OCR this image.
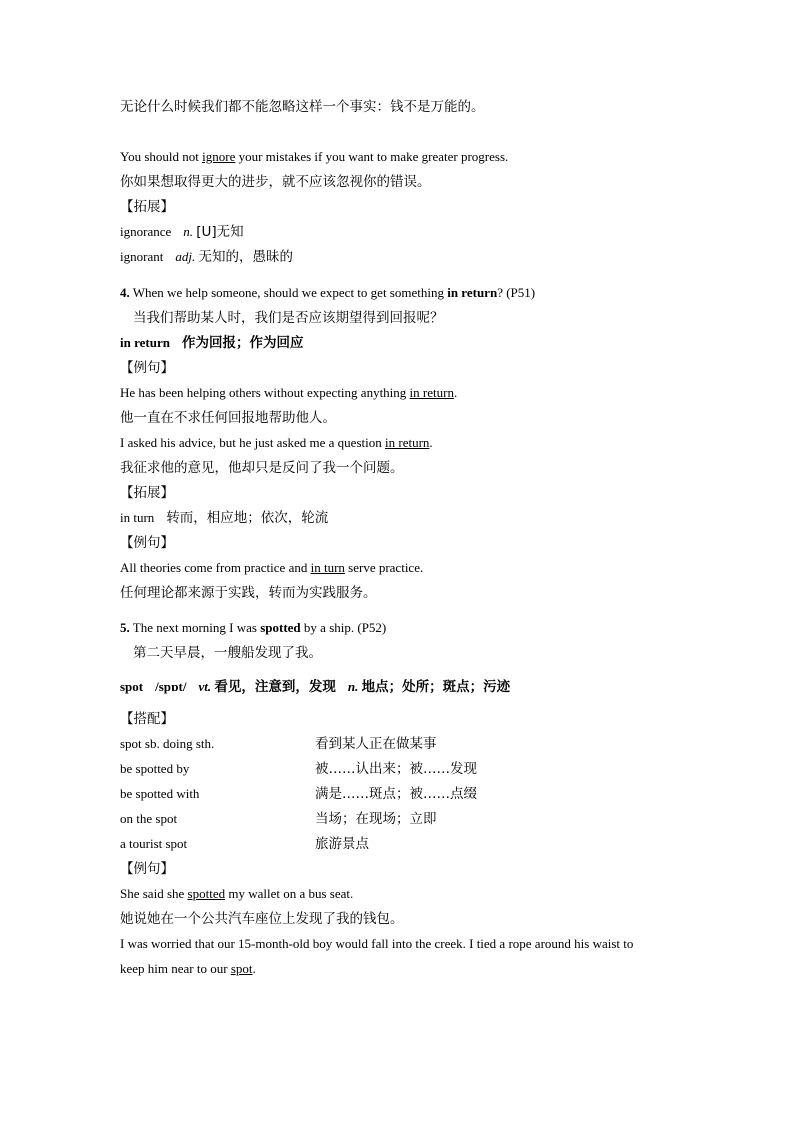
无论什么时候我们都不能忽略这样一个事实：钱不是万能的。
You should not ignore your mistakes if you want to make greater progress.
你如果想取得更大的进步，就不应该忽视你的错误。
【拓展】
ignorance n. [U]无知
ignorant adj. 无知的，愚昧的
4. When we help someone, should we expect to get something in return? (P51)
当我们帮助某人时，我们是否应该期望得到回报呢？
in return 作为回报；作为回应
【例句】
He has been helping others without expecting anything in return.
他一直在不求任何回报地帮助他人。
I asked his advice, but he just asked me a question in return.
我征求他的意见，他却只是反问了我一个问题。
【拓展】
in turn 转而，相应地；依次，轮流
【例句】
All theories come from practice and in turn serve practice.
任何理论都来源于实践，转而为实践服务。
5. The next morning I was spotted by a ship. (P52)
第二天早晨，一艘船发现了我。
spot /spɒt/ vt. 看见，注意到，发现 n. 地点；处所；斑点；污迹
【搭配】
spot sb. doing sth.	看到某人正在做某事
be spotted by	被……认出来；被……发现
be spotted with	满是……斑点；被……点缀
on the spot	当场；在现场；立即
a tourist spot	旅游景点
【例句】
She said she spotted my wallet on a bus seat.
她说她在一个公共汽车座位上发现了我的钱包。
I was worried that our 15-month-old boy would fall into the creek. I tied a rope around his waist to
keep him near to our spot.
